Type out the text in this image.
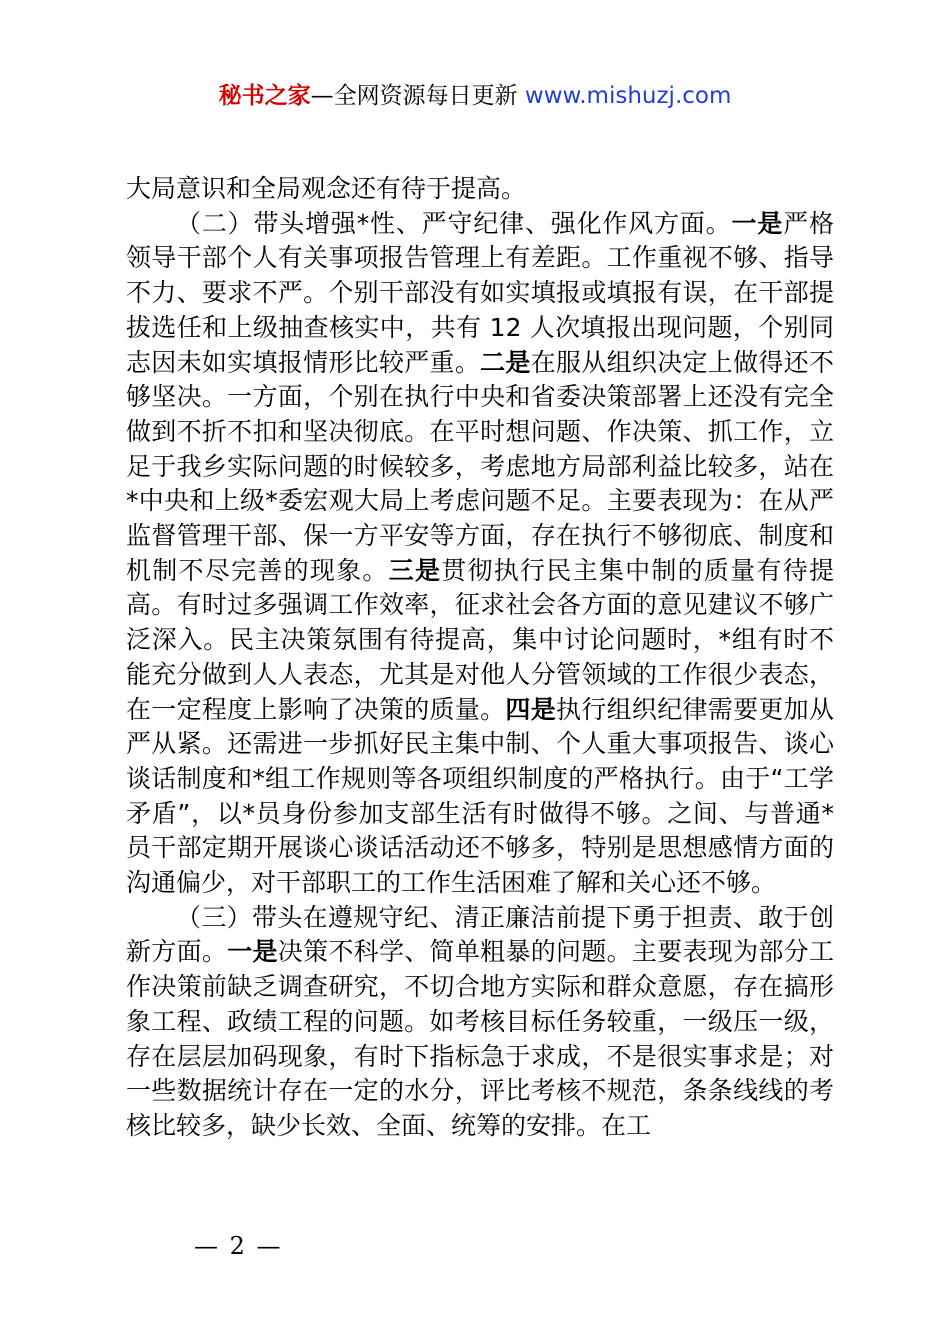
秘书之家—全网资源每日更新 www.mishuzj.com

大局意识和全局观念还有待于提高。

（二）带头增强*性、严守纪律、强化作风方面。一是严格领导干部个人有关事项报告管理上有差距。工作重视不够、指导不力、要求不严。个别干部没有如实填报或填报有误，在干部提拔选任和上级抽查核实中，共有 12 人次填报出现问题，个别同志因未如实填报情形比较严重。二是在服从组织决定上做得还不够坚决。一方面，个别在执行中央和省委决策部署上还没有完全做到不折不扣和坚决彻底。在平时想问题、作决策、抓工作，立足于我乡实际问题的时候较多，考虑地方局部利益比较多，站在*中央和上级*委宏观大局上考虑问题不足。主要表现为：在从严监督管理干部、保一方平安等方面，存在执行不够彻底、制度和机制不尽完善的现象。三是贯彻执行民主集中制的质量有待提高。有时过多强调工作效率，征求社会各方面的意见建议不够广泛深入。民主决策氛围有待提高，集中讨论问题时，*组有时不能充分做到人人表态，尤其是对他人分管领域的工作很少表态，在一定程度上影响了决策的质量。四是执行组织纪律需要更加从严从紧。还需进一步抓好民主集中制、个人重大事项报告、谈心谈话制度和*组工作规则等各项组织制度的严格执行。由于“工学矛盾”，以*员身份参加支部生活有时做得不够。之间、与普通*员干部定期开展谈心谈话活动还不够多，特别是思想感情方面的沟通偏少，对干部职工的工作生活困难了解和关心还不够。

（三）带头在遵规守纪、清正廉洁前提下勇于担责、敢于创新方面。一是决策不科学、简单粗暴的问题。主要表现为部分工作决策前缺乏调查研究，不切合地方实际和群众意愿，存在搞形象工程、政绩工程的问题。如考核目标任务较重，一级压一级，存在层层加码现象，有时下指标急于求成，不是很实事求是；对一些数据统计存在一定的水分，评比考核不规范，条条线线的考核比较多，缺少长效、全面、统筹的安排。在工

— 2 —
